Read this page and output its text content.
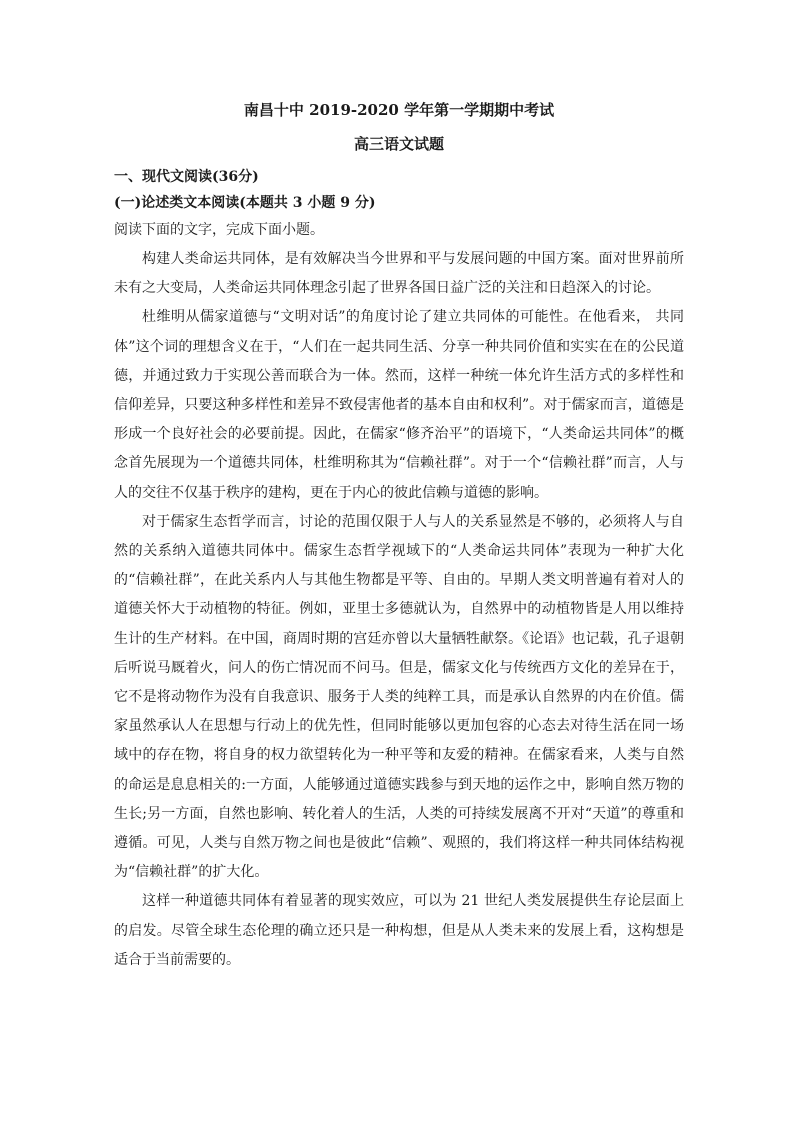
南昌十中 2019-2020 学年第一学期期中考试

高三语文试题

一、现代文阅读(36分)

(一)论述类文本阅读(本题共 3 小题 9 分)

阅读下面的文字，完成下面小题。

构建人类命运共同体，是有效解决当今世界和平与发展问题的中国方案。面对世界前所未有之大变局，人类命运共同体理念引起了世界各国日益广泛的关注和日趋深入的讨论。

杜维明从儒家道德与“文明对话”的角度讨论了建立共同体的可能性。在他看来， 共同体”这个词的理想含义在于，“人们在一起共同生活、分享一种共同价值和实实在在的公民道德，并通过致力于实现公善而联合为一体。然而，这样一种统一体允许生活方式的多样性和信仰差异，只要这种多样性和差异不致侵害他者的基本自由和权利”。对于儒家而言，道德是形成一个良好社会的必要前提。因此，在儒家“修齐治平”的语境下，“人类命运共同体”的概念首先展现为一个道德共同体，杜维明称其为“信赖社群”。对于一个“信赖社群”而言，人与人的交往不仅基于秩序的建构，更在于内心的彼此信赖与道德的影响。

对于儒家生态哲学而言，讨论的范围仅限于人与人的关系显然是不够的，必须将人与自然的关系纳入道德共同体中。儒家生态哲学视域下的“人类命运共同体”表现为一种扩大化的“信赖社群”，在此关系内人与其他生物都是平等、自由的。早期人类文明普遍有着对人的道德关怀大于动植物的特征。例如，亚里士多德就认为，自然界中的动植物皆是人用以维持生计的生产材料。在中国，商周时期的宫廷亦曾以大量牺牲献祭。《论语》也记载，孔子退朝后听说马厩着火，问人的伤亡情况而不问马。但是，儒家文化与传统西方文化的差异在于，它不是将动物作为没有自我意识、服务于人类的纯粹工具，而是承认自然界的内在价值。儒家虽然承认人在思想与行动上的优先性，但同时能够以更加包容的心态去对待生活在同一场域中的存在物，将自身的权力欲望转化为一种平等和友爱的精神。在儒家看来，人类与自然的命运是息息相关的:一方面，人能够通过道德实践参与到天地的运作之中，影响自然万物的生长;另一方面，自然也影响、转化着人的生活，人类的可持续发展离不开对“天道”的尊重和遵循。可见，人类与自然万物之间也是彼此“信赖”、观照的，我们将这样一种共同体结构视为“信赖社群”的扩大化。

这样一种道德共同体有着显著的现实效应，可以为 21 世纪人类发展提供生存论层面上的启发。尽管全球生态伦理的确立还只是一种构想，但是从人类未来的发展上看，这构想是适合于当前需要的。
